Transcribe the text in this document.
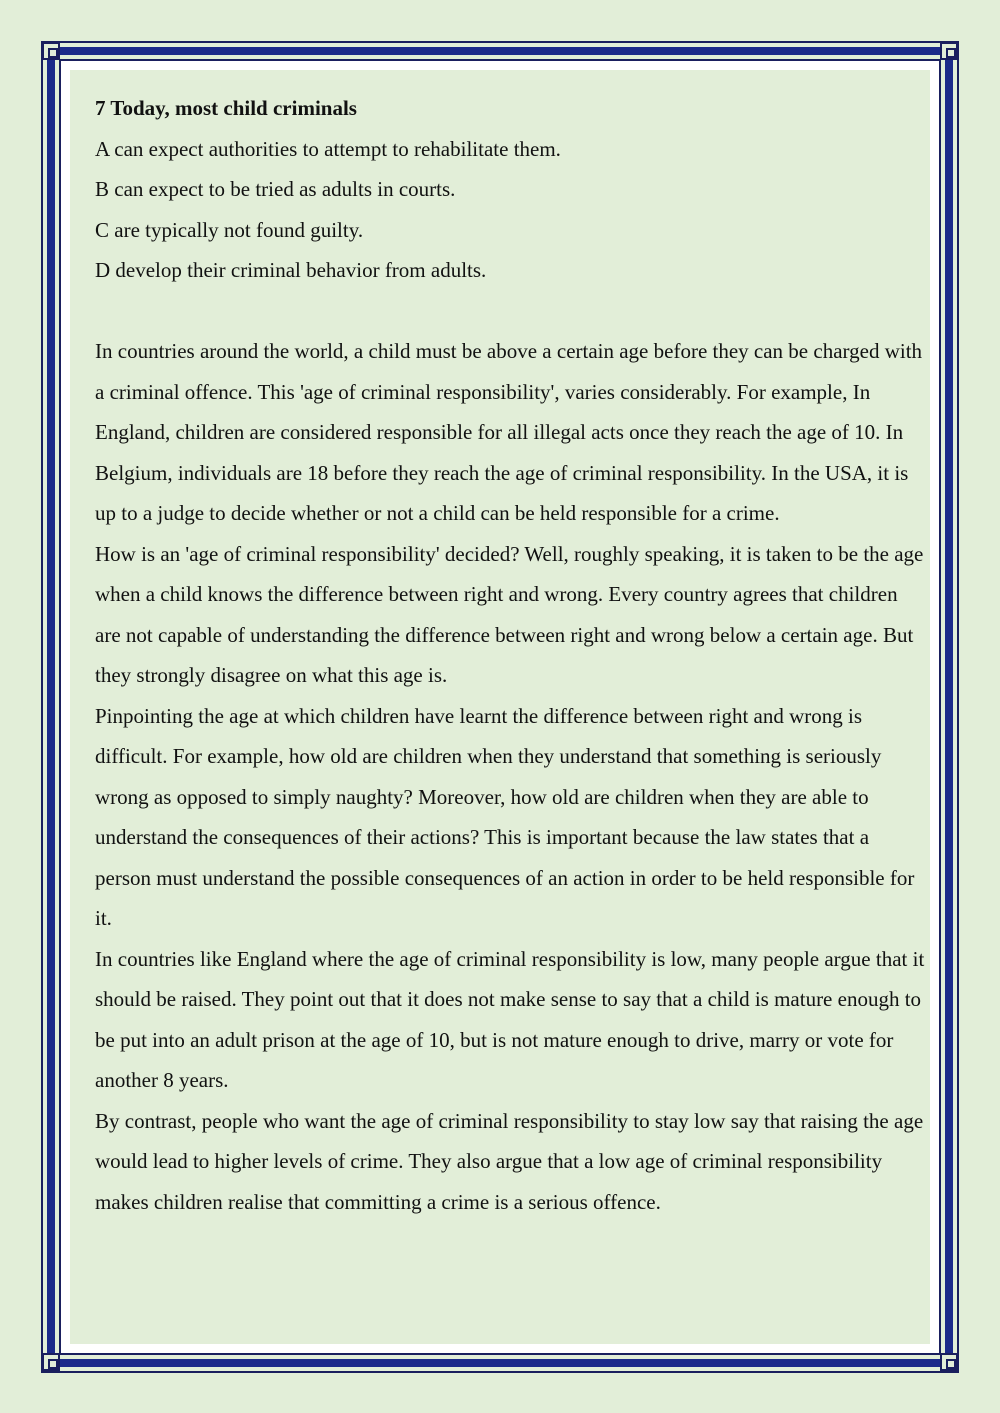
7 Today, most child criminals

A can expect authorities to attempt to rehabilitate them.

B can expect to be tried as adults in courts.

C are typically not found guilty.

D develop their criminal behavior from adults.

In countries around the world, a child must be above a certain age before they can be charged with a criminal offence. This 'age of criminal responsibility', varies considerably. For example, In England, children are considered responsible for all illegal acts once they reach the age of 10. In Belgium, individuals are 18 before they reach the age of criminal responsibility. In the USA, it is up to a judge to decide whether or not a child can be held responsible for a crime.

How is an 'age of criminal responsibility' decided? Well, roughly speaking, it is taken to be the age when a child knows the difference between right and wrong. Every country agrees that children are not capable of understanding the difference between right and wrong below a certain age. But they strongly disagree on what this age is.

Pinpointing the age at which children have learnt the difference between right and wrong is difficult. For example, how old are children when they understand that something is seriously wrong as opposed to simply naughty? Moreover, how old are children when they are able to understand the consequences of their actions? This is important because the law states that a person must understand the possible consequences of an action in order to be held responsible for it.

In countries like England where the age of criminal responsibility is low, many people argue that it should be raised. They point out that it does not make sense to say that a child is mature enough to be put into an adult prison at the age of 10, but is not mature enough to drive, marry or vote for another 8 years.

By contrast, people who want the age of criminal responsibility to stay low say that raising the age would lead to higher levels of crime. They also argue that a low age of criminal responsibility makes children realise that committing a crime is a serious offence.
